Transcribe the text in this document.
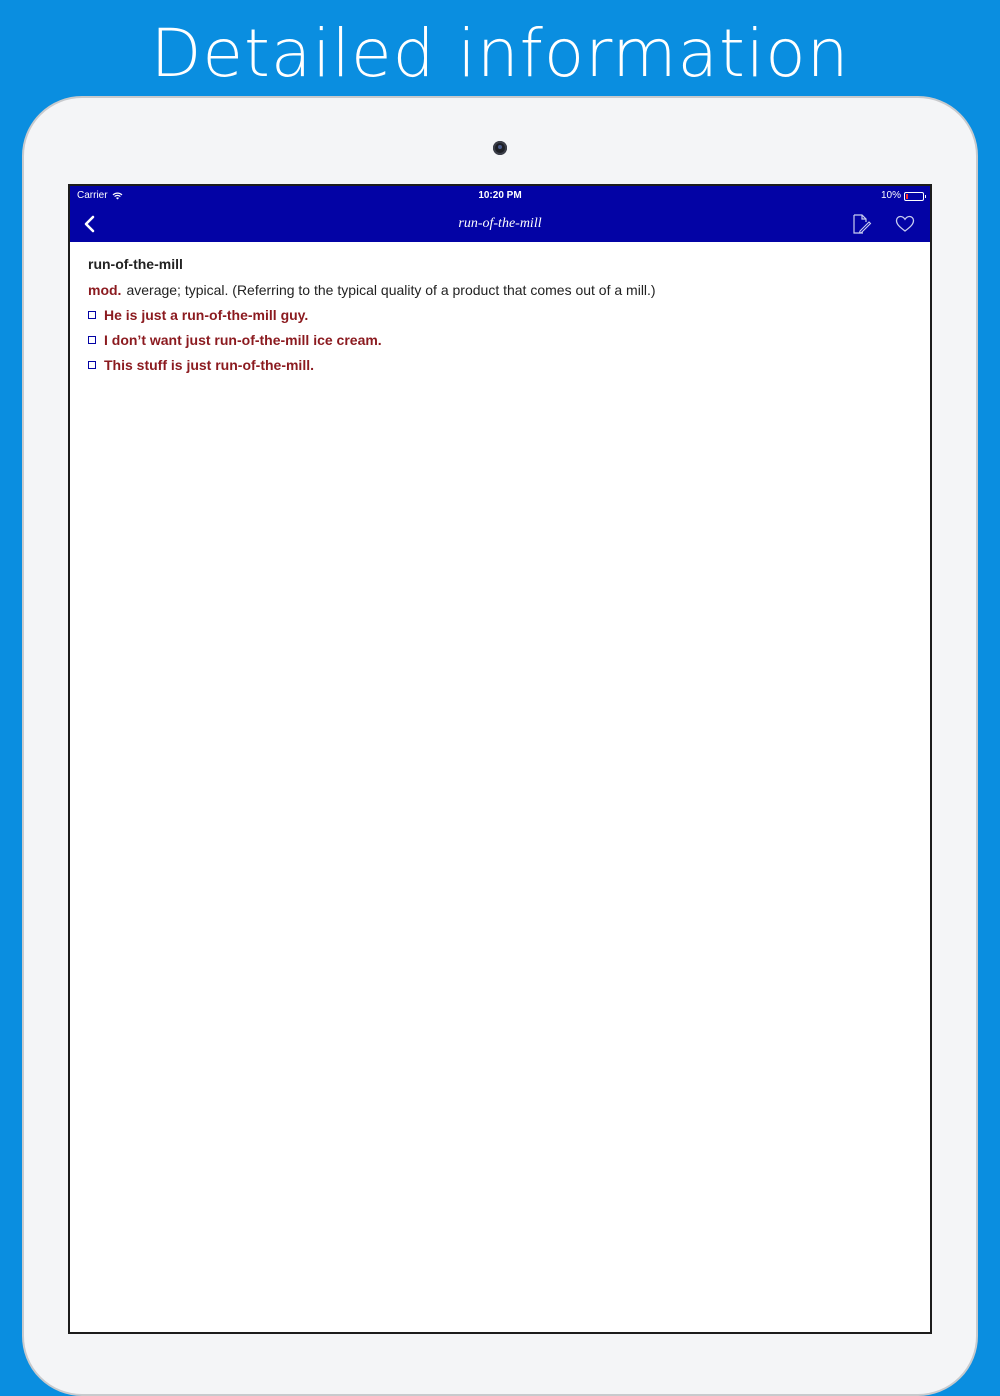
Detailed information
Carrier	10:20 PM	10%
run-of-the-mill
run-of-the-mill
mod. average; typical. (Referring to the typical quality of a product that comes out of a mill.)
He is just a run-of-the-mill guy.
I don’t want just run-of-the-mill ice cream.
This stuff is just run-of-the-mill.
